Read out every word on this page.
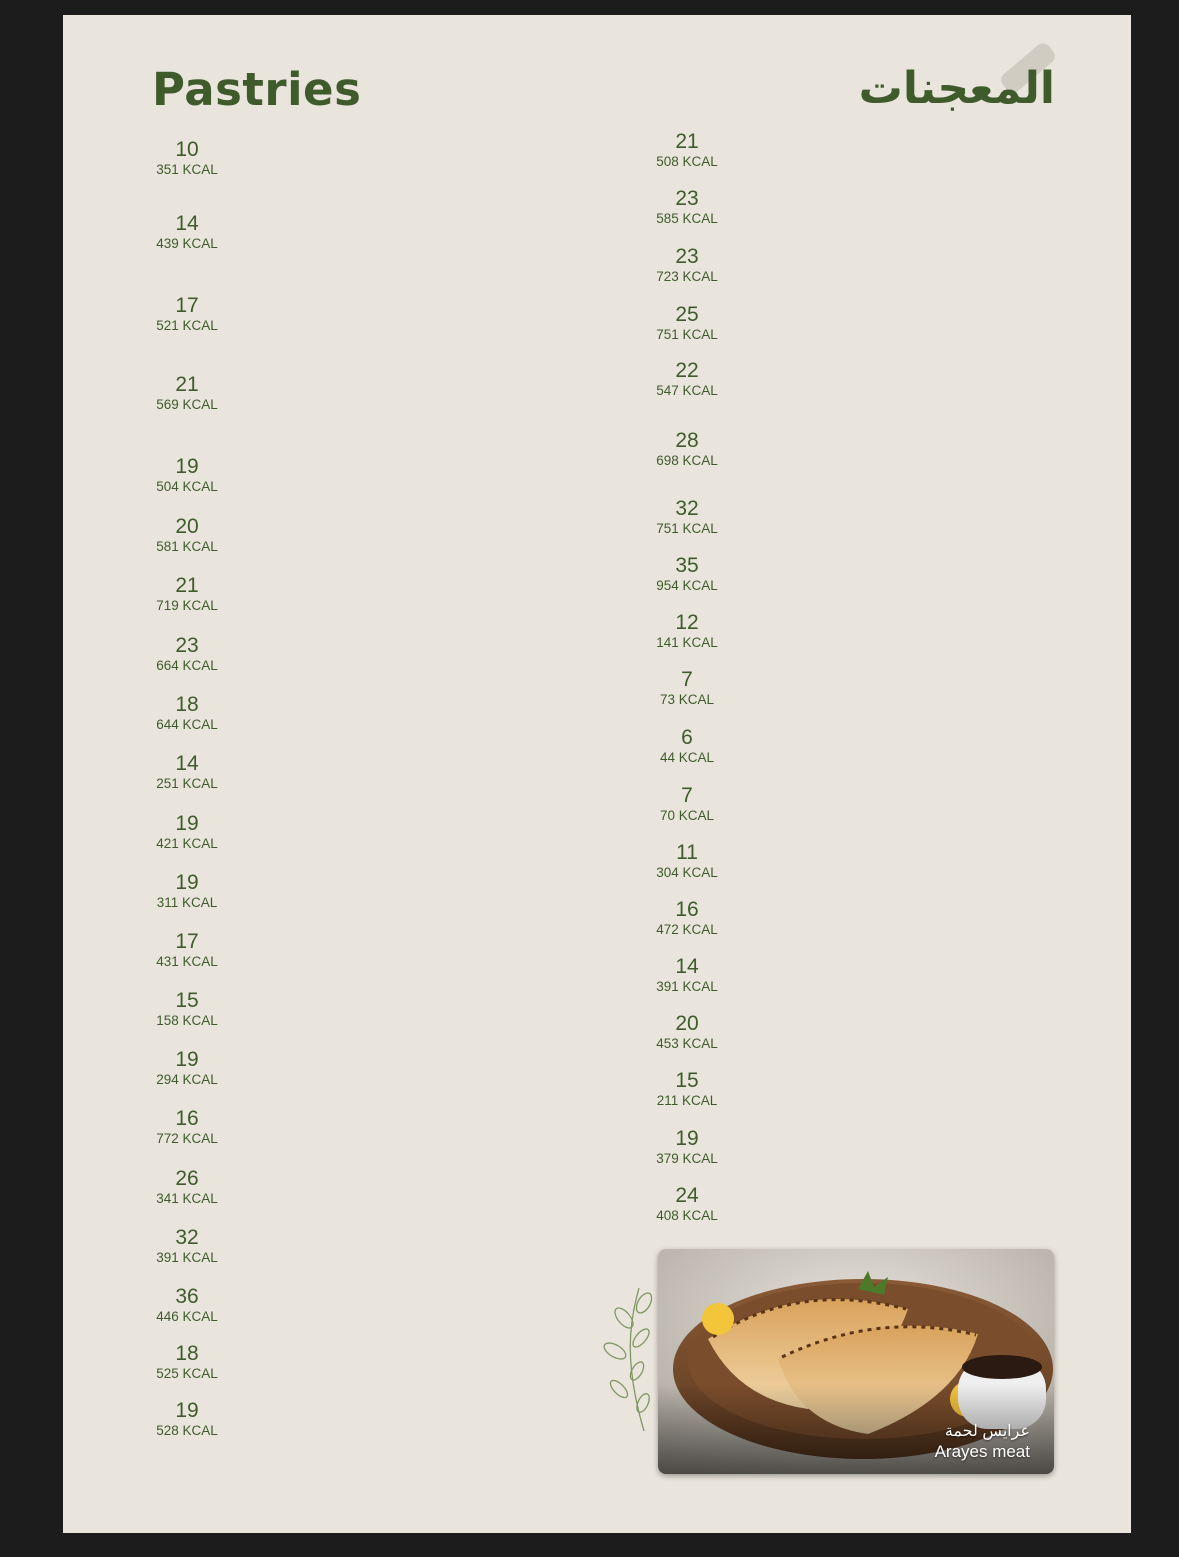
Pastries	المعجنات
10
351 KCAL
14
439 KCAL
17
521 KCAL
21
569 KCAL
19
504 KCAL
20
581 KCAL
21
719 KCAL
23
664 KCAL
18
644 KCAL
14
251 KCAL
19
421 KCAL
19
311 KCAL
17
431 KCAL
15
158 KCAL
19
294 KCAL
16
772 KCAL
26
341 KCAL
32
391 KCAL
36
446 KCAL
18
525 KCAL
19
528 KCAL
21
508 KCAL
23
585 KCAL
23
723 KCAL
25
751 KCAL
22
547 KCAL
28
698 KCAL
32
751 KCAL
35
954 KCAL
12
141 KCAL
7
73 KCAL
6
44 KCAL
7
70 KCAL
11
304 KCAL
16
472 KCAL
14
391 KCAL
20
453 KCAL
15
211 KCAL
19
379 KCAL
24
408 KCAL
عرايس لحمة
Arayes meat
